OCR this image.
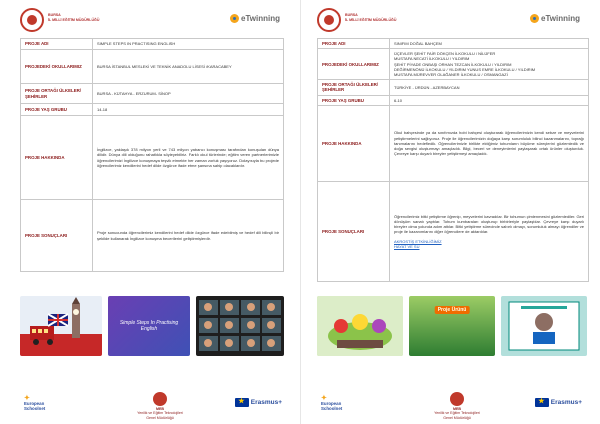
BURSA
İL MİLLİ EĞİTİM MÜDÜRLÜĞÜ	eTwinning
PROJE ADI	SIMPLE STEPS IN PRACTISING ENGLISH
PROJEDEKİ OKULLARIMIZ	BURSA İSTANBUL MESLEKİ VE TEKNİK ANADOLU LİSESİ /KARACABEY
PROJE ORTAĞI ÜLKELER/ŞEHİRLER	BURSA - KÜTAHYA - ERZURUM- SİNOP
PROJE YAŞ GRUBU	14-18
PROJE HAKKINDA	İngilizce, yaklaşık 378 milyon yerli ve 743 milyon yabancı konuşması tarafından konuşulan dünya dilidir. Dünya dili olduğunu rahatlıkla söyleyebiliriz. Farklı okul türlerinde; eğitim veren partnerlerimizle öğrencilerimizi İngilizce konuşmaya teşvik etmekte her zaman zorluk yaşıyoruz. Dolayısıyla bu projede öğrencilerimiz kendilerini hedef dilde özgürce ifade etme şansına sahip olacaklardır.
PROJE SONUÇLARI	Proje sonucunda öğrencilerimiz kendilerini hedef dilde özgürce ifade edebilmiş ve hedef dili bilinçli bir şekilde kullanarak İngilizce konuşma becerilerini geliştirmişlerdir.
Simple Steps In Practising English
✦
European
Schoolnet	MEB
Yenilik ve Eğitim Teknolojileri
Genel Müdürlüğü
★Erasmus+
BURSA
İL MİLLİ EĞİTİM MÜDÜRLÜĞÜ	eTwinning
PROJE ADI	SINIFIM DOĞAL BAHÇEM
PROJEDEKİ OKULLARIMIZ	ÜÇEVLER ŞEHİT FAİR DÖKÇEN İLKOKULU / NİLÜFER
MUSTAFA NECATİ İLKOKULU / YILDIRIM
ŞEHİT PİYADE ONBAŞI ORHAN TEZCAN İLKOKULU / YILDIRIM
DEĞİRMENÖNÜ İLKOKULU / YILDIRIM YUNUS EMRE İLKOKULU / YILDIRIM
MUSTAFA MÜREVVER OLAĞANER İLKOKULU / OSMANGAZİ
PROJE ORTAĞI ÜLKELER/ŞEHİRLER	TÜRKİYE - ÜRDÜN - AZERBAYCAN
PROJE YAŞ GRUBU	6-10
PROJE HAKKINDA	Okul bahçesinde ya da sınıfımızda hobi bahçesi oluşturarak öğrencilerimizin kendi sebze ve meyvelerini yetiştirmelerini sağlıyoruz. Proje ile öğrencilerimizin doğaya karşı sorumluluk bilinci kazanmalarını, toprağı tanımalarını hedefledik. Öğrencilerimizle birlikte ektiğimiz tohumların büyüme süreçlerini gözlemledik ve doğa sevgisi oluşturmayı amaçladık. Bilgi, beceri ve deneyimlerini paylaşarak ortak ürünler oluşturduk. Çevreye karşı duyarlı bireyler yetiştirmeyi amaçladık.
PROJE SONUÇLARI	Öğrencilerimiz bitki yetiştirme öğrenip, meyvelerini kavradılar. Bir tohumun çimlenmesini gözlemlediler. Geri dönüşüm sanatı yaptılar. Tohum kumbaraları oluşturup birbirleriyle paylaştılar. Çevreye karşı duyarlı bireyler olma yolunda adım attılar. Bitki yetiştirme sürecinde sabırlı olmayı, sorumluluk almayı öğrendiler ve proje ile kazanımlarını diğer öğrencilere de aktardılar.
AKROSTİŞ ETKİNLİĞİMİZ
HAYAT VE SU
Proje Ürünü
✦
European
Schoolnet	MEB
Yenilik ve Eğitim Teknolojileri
Genel Müdürlüğü
★Erasmus+
